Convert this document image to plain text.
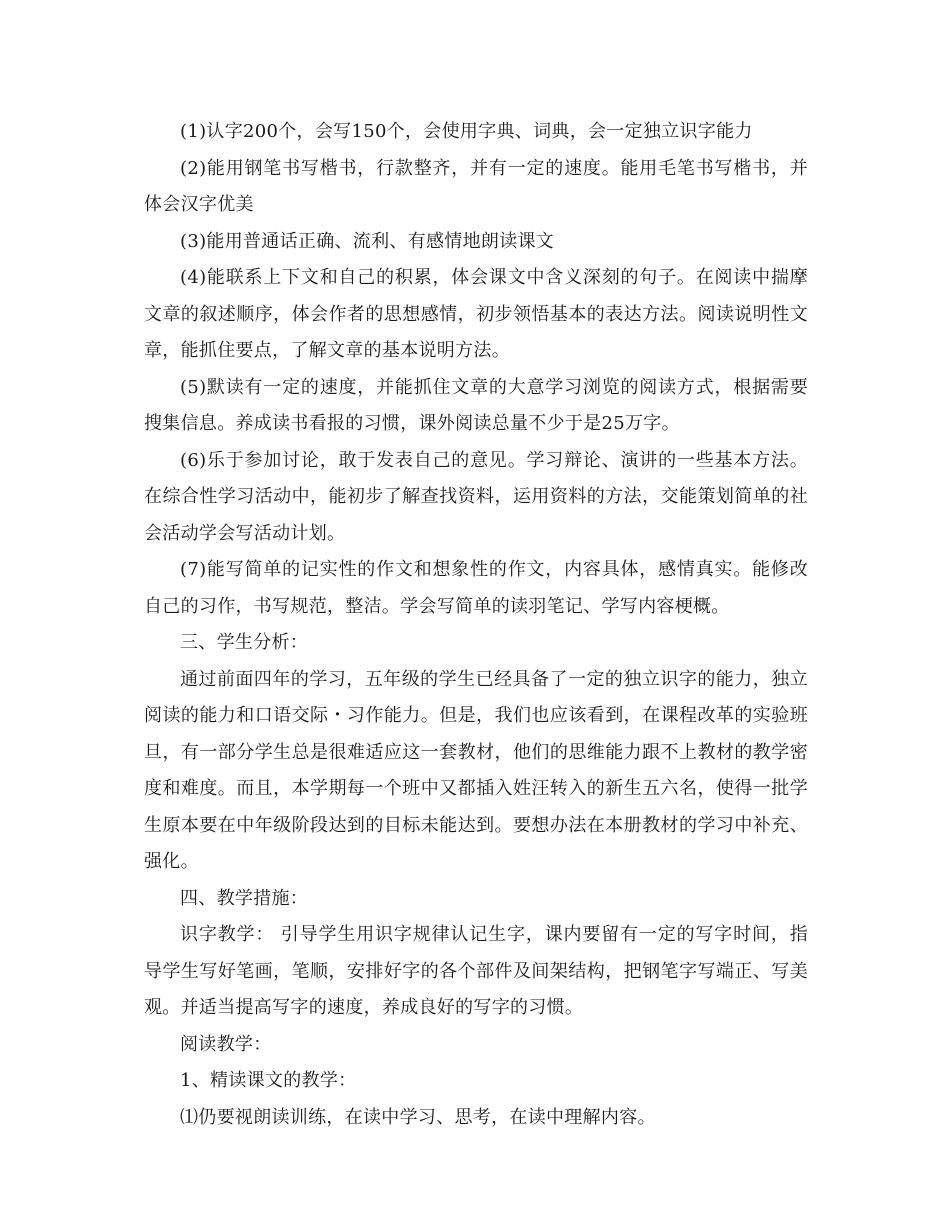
(1)认字200个，会写150个，会使用字典、词典，会一定独立识字能力

(2)能用钢笔书写楷书，行款整齐，并有一定的速度。能用毛笔书写楷书，并体会汉字优美

(3)能用普通话正确、流利、有感情地朗读课文

(4)能联系上下文和自己的积累，体会课文中含义深刻的句子。在阅读中揣摩文章的叙述顺序，体会作者的思想感情，初步领悟基本的表达方法。阅读说明性文章，能抓住要点，了解文章的基本说明方法。

(5)默读有一定的速度，并能抓住文章的大意学习浏览的阅读方式，根据需要搜集信息。养成读书看报的习惯，课外阅读总量不少于是25万字。

(6)乐于参加讨论，敢于发表自己的意见。学习辩论、演讲的一些基本方法。在综合性学习活动中，能初步了解查找资料，运用资料的方法，交能策划简单的社会活动学会写活动计划。

(7)能写简单的记实性的作文和想象性的作文，内容具体，感情真实。能修改自己的习作，书写规范，整洁。学会写简单的读羽笔记、学写内容梗概。

三、学生分析：

通过前面四年的学习，五年级的学生已经具备了一定的独立识字的能力，独立阅读的能力和口语交际・习作能力。但是，我们也应该看到，在课程改革的实验班旦，有一部分学生总是很难适应这一套教材，他们的思维能力跟不上教材的教学密度和难度。而且，本学期每一个班中又都插入姓汪转入的新生五六名，使得一批学生原本要在中年级阶段达到的目标未能达到。要想办法在本册教材的学习中补充、强化。

四、教学措施：

识字教学： 引导学生用识字规律认记生字，课内要留有一定的写字时间，指导学生写好笔画，笔顺，安排好字的各个部件及间架结构，把钢笔字写端正、写美观。并适当提高写字的速度，养成良好的写字的习惯。

阅读教学：

1、精读课文的教学：

⑴仍要视朗读训练，在读中学习、思考，在读中理解内容。
